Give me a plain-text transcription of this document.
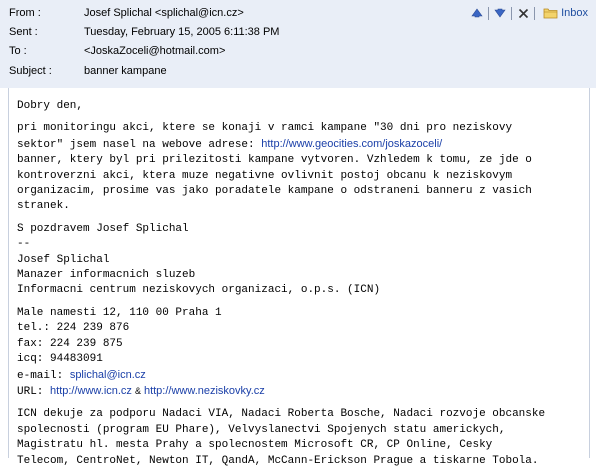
From :	Josef Splichal <splichal@icn.cz>
Sent :	Tuesday, February 15, 2005 6:11:38 PM
To :	<JoskaZoceli@hotmail.com>
Subject :	banner kampane
Inbox
Dobry den,
pri monitoringu akci, ktere se konaji v ramci kampane "30 dni pro neziskovy
sektor" jsem nasel na webove adrese: http://www.geocities.com/joskazoceli/
banner, ktery byl pri prilezitosti kampane vytvoren. Vzhledem k tomu, ze jde o
kontroverzni akci, ktera muze negativne ovlivnit postoj obcanu k neziskovym
organizacim, prosime vas jako poradatele kampane o odstraneni banneru z vasich
stranek.
S pozdravem Josef Splichal
--
Josef Splichal
Manazer informacnich sluzeb
Informacni centrum neziskovych organizaci, o.p.s. (ICN)
Male namesti 12, 110 00 Praha 1
tel.: 224 239 876
fax: 224 239 875
icq: 94483091
e-mail: splichal@icn.cz
URL: http://www.icn.cz & http://www.neziskovky.cz
ICN dekuje za podporu Nadaci VIA, Nadaci Roberta Bosche, Nadaci rozvoje obcanske
spolecnosti (program EU Phare), Velvyslanectvi Spojenych statu americkych,
Magistratu hl. mesta Prahy a spolecnostem Microsoft CR, CP Online, Cesky
Telecom, CentroNet, Newton IT, QandA, McCann-Erickson Prague a tiskarne Tobola.
